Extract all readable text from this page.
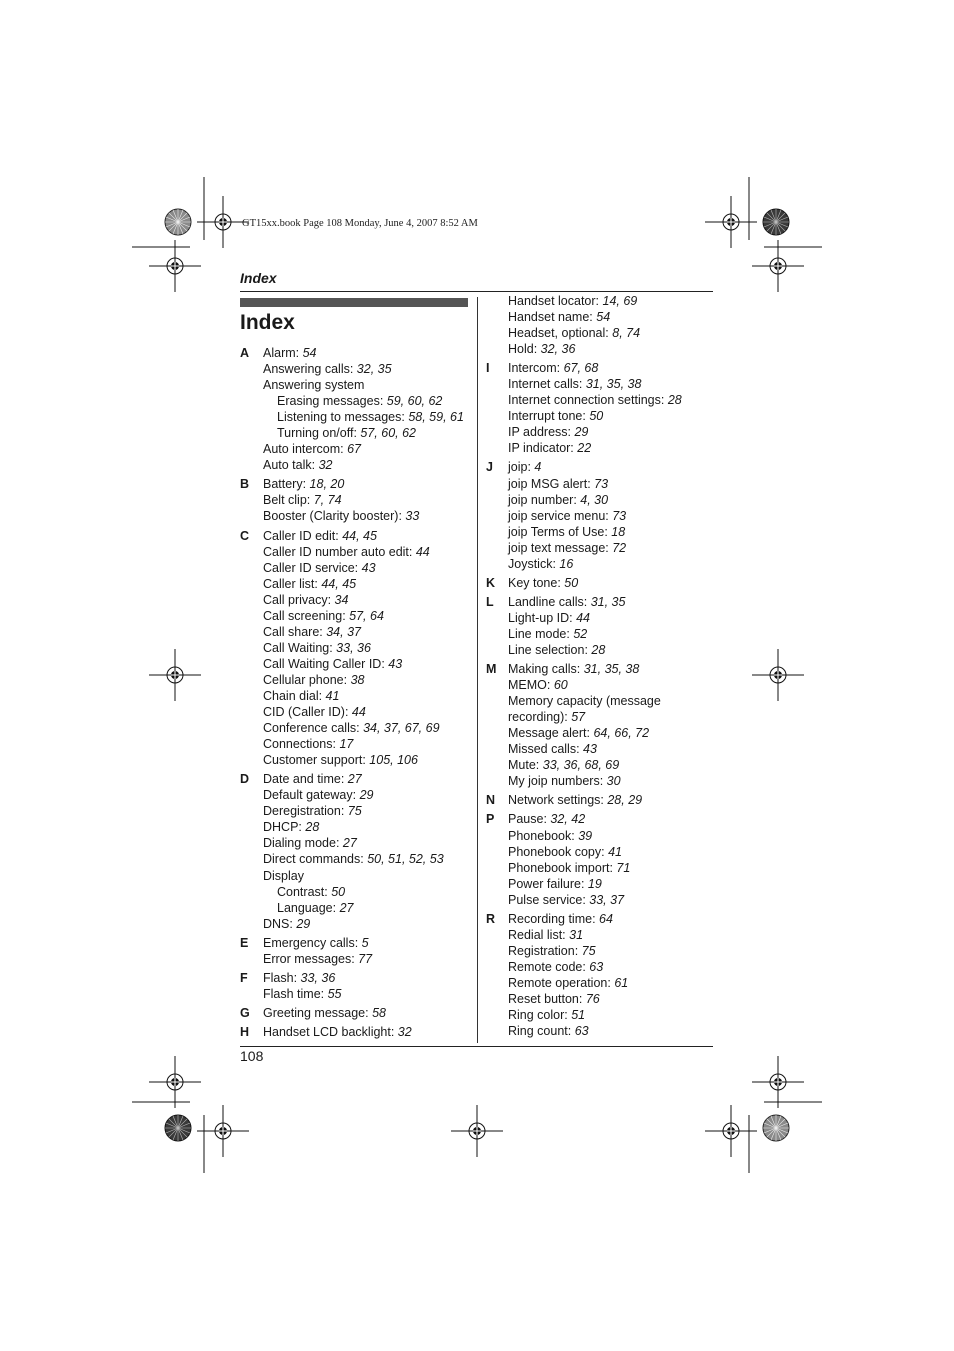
GT15xx.book Page 108 Monday, June 4, 2007 8:52 AM
Index
Index
A Alarm: 54
Answering calls: 32, 35
Answering system
Erasing messages: 59, 60, 62
Listening to messages: 58, 59, 61
Turning on/off: 57, 60, 62
Auto intercom: 67
Auto talk: 32
B Battery: 18, 20
Belt clip: 7, 74
Booster (Clarity booster): 33
C Caller ID edit: 44, 45
Caller ID number auto edit: 44
Caller ID service: 43
Caller list: 44, 45
Call privacy: 34
Call screening: 57, 64
Call share: 34, 37
Call Waiting: 33, 36
Call Waiting Caller ID: 43
Cellular phone: 38
Chain dial: 41
CID (Caller ID): 44
Conference calls: 34, 37, 67, 69
Connections: 17
Customer support: 105, 106
D Date and time: 27
Default gateway: 29
Deregistration: 75
DHCP: 28
Dialing mode: 27
Direct commands: 50, 51, 52, 53
Display
Contrast: 50
Language: 27
DNS: 29
E Emergency calls: 5
Error messages: 77
F Flash: 33, 36
Flash time: 55
G Greeting message: 58
H Handset LCD backlight: 32
Handset locator: 14, 69
Handset name: 54
Headset, optional: 8, 74
Hold: 32, 36
I Intercom: 67, 68
Internet calls: 31, 35, 38
Internet connection settings: 28
Interrupt tone: 50
IP address: 29
IP indicator: 22
J joip: 4
joip MSG alert: 73
joip number: 4, 30
joip service menu: 73
joip Terms of Use: 18
joip text message: 72
Joystick: 16
K Key tone: 50
L Landline calls: 31, 35
Light-up ID: 44
Line mode: 52
Line selection: 28
M Making calls: 31, 35, 38
MEMO: 60
Memory capacity (message
recording): 57
Message alert: 64, 66, 72
Missed calls: 43
Mute: 33, 36, 68, 69
My joip numbers: 30
N Network settings: 28, 29
P Pause: 32, 42
Phonebook: 39
Phonebook copy: 41
Phonebook import: 71
Power failure: 19
Pulse service: 33, 37
R Recording time: 64
Redial list: 31
Registration: 75
Remote code: 63
Remote operation: 61
Reset button: 76
Ring color: 51
Ring count: 63
108
